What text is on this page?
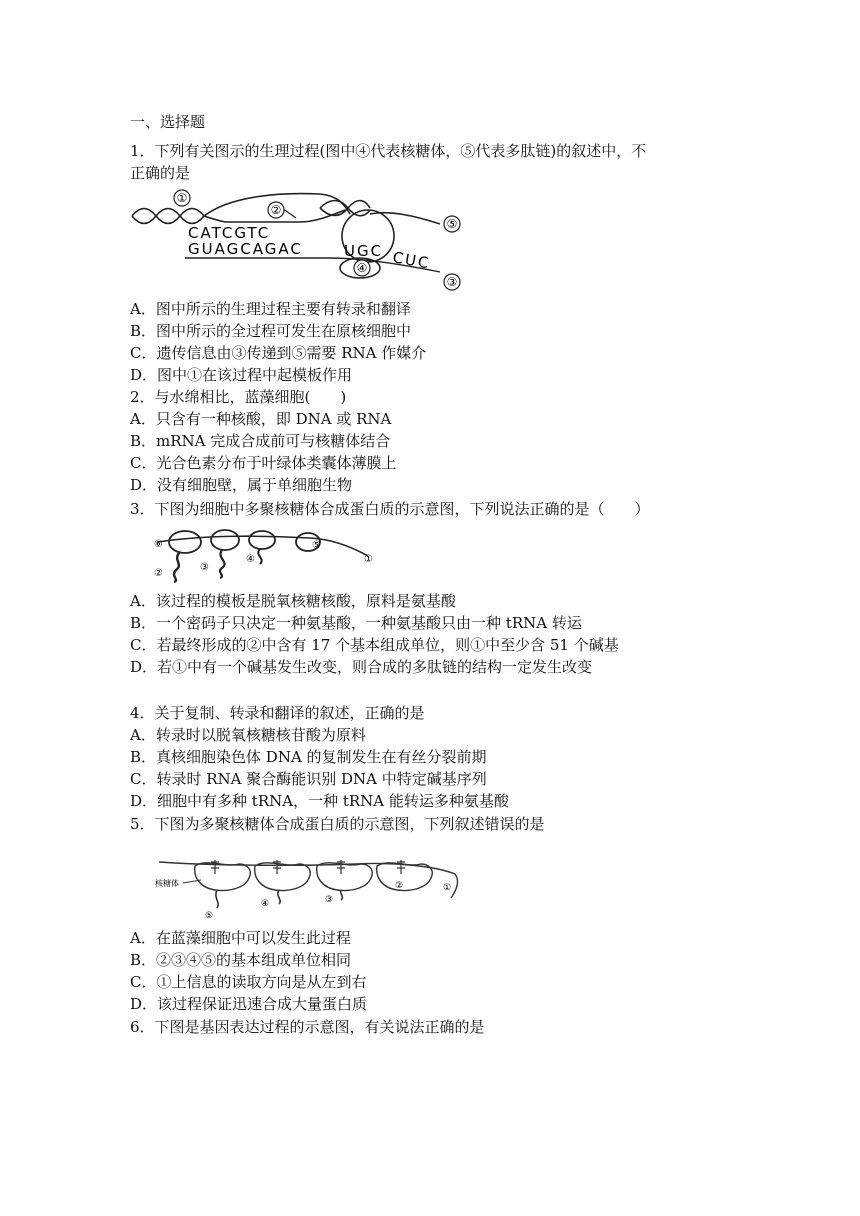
一、选择题
1．下列有关图示的生理过程(图中④代表核糖体，⑤代表多肽链)的叙述中，不
正确的是
①
②
③
④
⑤
CATCGTC
GUAGCAGAC	UGC CUC
A．图中所示的生理过程主要有转录和翻译
B．图中所示的全过程可发生在原核细胞中
C．遗传信息由③传递到⑤需要 RNA 作媒介
D．图中①在该过程中起模板作用
2．与水绵相比，蓝藻细胞(　　)
A．只含有一种核酸，即 DNA 或 RNA
B．mRNA 完成合成前可与核糖体结合
C．光合色素分布于叶绿体类囊体薄膜上
D．没有细胞壁，属于单细胞生物
3．下图为细胞中多聚核糖体合成蛋白质的示意图，下列说法正确的是（　　）
⑥
②
③
④
⑤
①
A．该过程的模板是脱氧核糖核酸，原料是氨基酸
B．一个密码子只决定一种氨基酸，一种氨基酸只由一种 tRNA 转运
C．若最终形成的②中含有 17 个基本组成单位，则①中至少含 51 个碱基
D．若①中有一个碱基发生改变，则合成的多肽链的结构一定发生改变
4．关于复制、转录和翻译的叙述，正确的是
A．转录时以脱氧核糖核苷酸为原料
B．真核细胞染色体 DNA 的复制发生在有丝分裂前期
C．转录时 RNA 聚合酶能识别 DNA 中特定碱基序列
D．细胞中有多种 tRNA，一种 tRNA 能转运多种氨基酸
5．下图为多聚核糖体合成蛋白质的示意图，下列叙述错误的是
核糖体
⑤
④	③
②	①
A．在蓝藻细胞中可以发生此过程
B．②③④⑤的基本组成单位相同
C．①上信息的读取方向是从左到右
D．该过程保证迅速合成大量蛋白质
6．下图是基因表达过程的示意图，有关说法正确的是
